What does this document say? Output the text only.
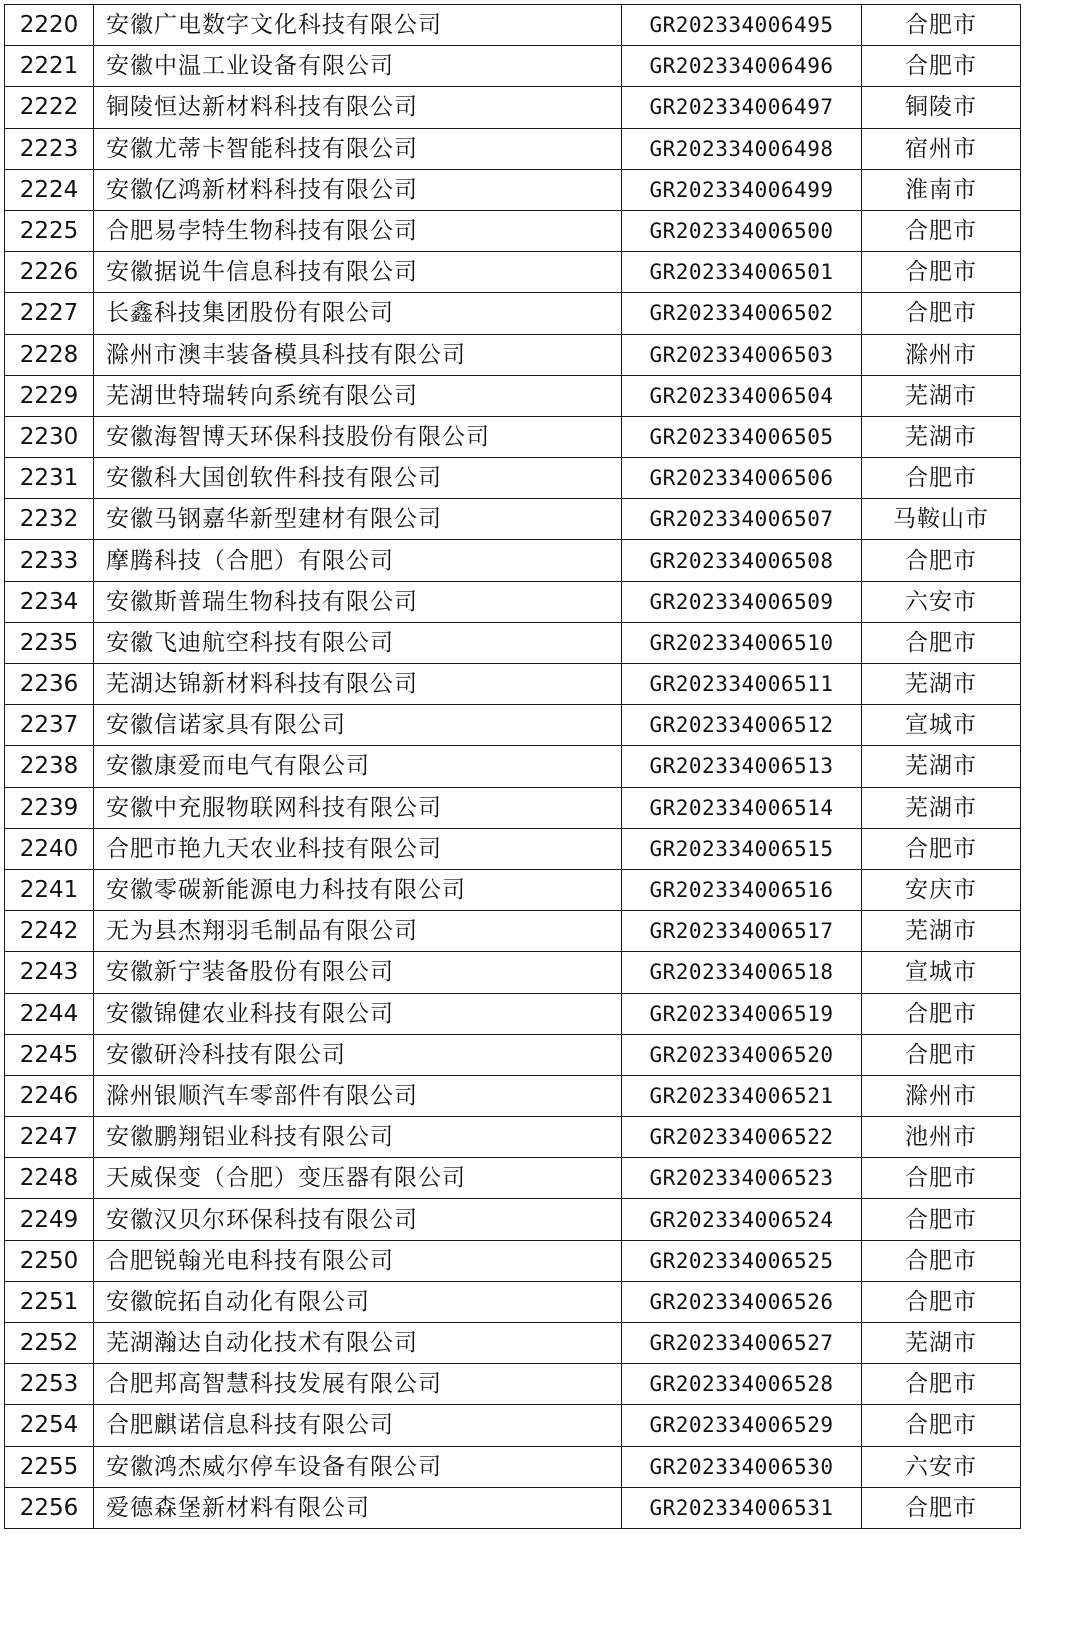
2220	安徽广电数字文化科技有限公司	GR202334006495	合肥市
2221	安徽中温工业设备有限公司	GR202334006496	合肥市
2222	铜陵恒达新材料科技有限公司	GR202334006497	铜陵市
2223	安徽尤蒂卡智能科技有限公司	GR202334006498	宿州市
2224	安徽亿鸿新材料科技有限公司	GR202334006499	淮南市
2225	合肥易孛特生物科技有限公司	GR202334006500	合肥市
2226	安徽据说牛信息科技有限公司	GR202334006501	合肥市
2227	长鑫科技集团股份有限公司	GR202334006502	合肥市
2228	滁州市澳丰装备模具科技有限公司	GR202334006503	滁州市
2229	芜湖世特瑞转向系统有限公司	GR202334006504	芜湖市
2230	安徽海智博天环保科技股份有限公司	GR202334006505	芜湖市
2231	安徽科大国创软件科技有限公司	GR202334006506	合肥市
2232	安徽马钢嘉华新型建材有限公司	GR202334006507	马鞍山市
2233	摩腾科技（合肥）有限公司	GR202334006508	合肥市
2234	安徽斯普瑞生物科技有限公司	GR202334006509	六安市
2235	安徽飞迪航空科技有限公司	GR202334006510	合肥市
2236	芜湖达锦新材料科技有限公司	GR202334006511	芜湖市
2237	安徽信诺家具有限公司	GR202334006512	宣城市
2238	安徽康爱而电气有限公司	GR202334006513	芜湖市
2239	安徽中充服物联网科技有限公司	GR202334006514	芜湖市
2240	合肥市艳九天农业科技有限公司	GR202334006515	合肥市
2241	安徽零碳新能源电力科技有限公司	GR202334006516	安庆市
2242	无为县杰翔羽毛制品有限公司	GR202334006517	芜湖市
2243	安徽新宁装备股份有限公司	GR202334006518	宣城市
2244	安徽锦健农业科技有限公司	GR202334006519	合肥市
2245	安徽研泠科技有限公司	GR202334006520	合肥市
2246	滁州银顺汽车零部件有限公司	GR202334006521	滁州市
2247	安徽鹏翔铝业科技有限公司	GR202334006522	池州市
2248	天威保变（合肥）变压器有限公司	GR202334006523	合肥市
2249	安徽汉贝尔环保科技有限公司	GR202334006524	合肥市
2250	合肥锐翰光电科技有限公司	GR202334006525	合肥市
2251	安徽皖拓自动化有限公司	GR202334006526	合肥市
2252	芜湖瀚达自动化技术有限公司	GR202334006527	芜湖市
2253	合肥邦高智慧科技发展有限公司	GR202334006528	合肥市
2254	合肥麒诺信息科技有限公司	GR202334006529	合肥市
2255	安徽鸿杰威尔停车设备有限公司	GR202334006530	六安市
2256	爱德森堡新材料有限公司	GR202334006531	合肥市
